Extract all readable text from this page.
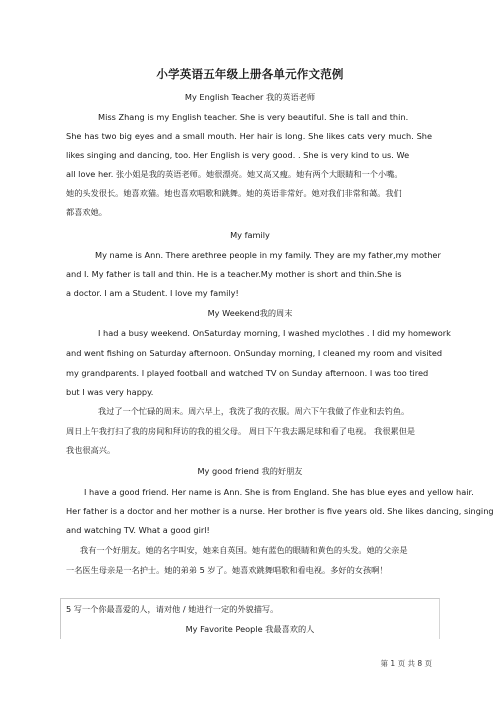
小学英语五年级上册各单元作文范例
My English Teacher 我的英语老师
Miss Zhang is my English teacher. She is very beautiful. She is tall and thin.
She has two big eyes and a small mouth. Her hair is long. She likes cats very much. She
likes singing and dancing, too. Her English is very good. . She is very kind to us. We
all love her. 张小姐是我的英语老师。她很漂亮。她又高又瘦。她有两个大眼睛和一个小嘴。
她的头发很长。她喜欢猫。她也喜欢唱歌和跳舞。她的英语非常好。她对我们非常和蔼。我们
都喜欢她。
My family
My name is Ann. There arethree people in my family. They are my father,my mother
and I. My father is tall and thin. He is a teacher.My mother is short and thin.She is
a doctor. I am a Student. I love my family!
My Weekend我的周末
I had a busy weekend. OnSaturday morning, I washed myclothes . I did my homework
and went fishing on Saturday afternoon. OnSunday morning, I cleaned my room and visited
my grandparents. I played football and watched TV on Sunday afternoon. I was too tired
but I was very happy.
我过了一个忙碌的周末。周六早上，我洗了我的衣服。周六下午我做了作业和去钓鱼。
周日上午我打扫了我的房间和拜访的我的祖父母。 周日下午我去踢足球和看了电视。 我很累但是
我也很高兴。
My good friend 我的好朋友
I have a good friend. Her name is Ann. She is from England. She has blue eyes and yellow hair.
Her father is a doctor and her mother is a nurse. Her brother is five years old. She likes dancing, singing
and watching TV. What a good girl!
我有一个好朋友。她的名字叫安，她来自英国。她有蓝色的眼睛和黄色的头发。她的父亲是
一名医生母亲是一名护士。她的弟弟 5 岁了。她喜欢跳舞唱歌和看电视。多好的女孩啊！
5 写一个你最喜爱的人，请对他 / 她进行一定的外貌描写。
My Favorite People 我最喜欢的人
第 1 页 共 8 页
